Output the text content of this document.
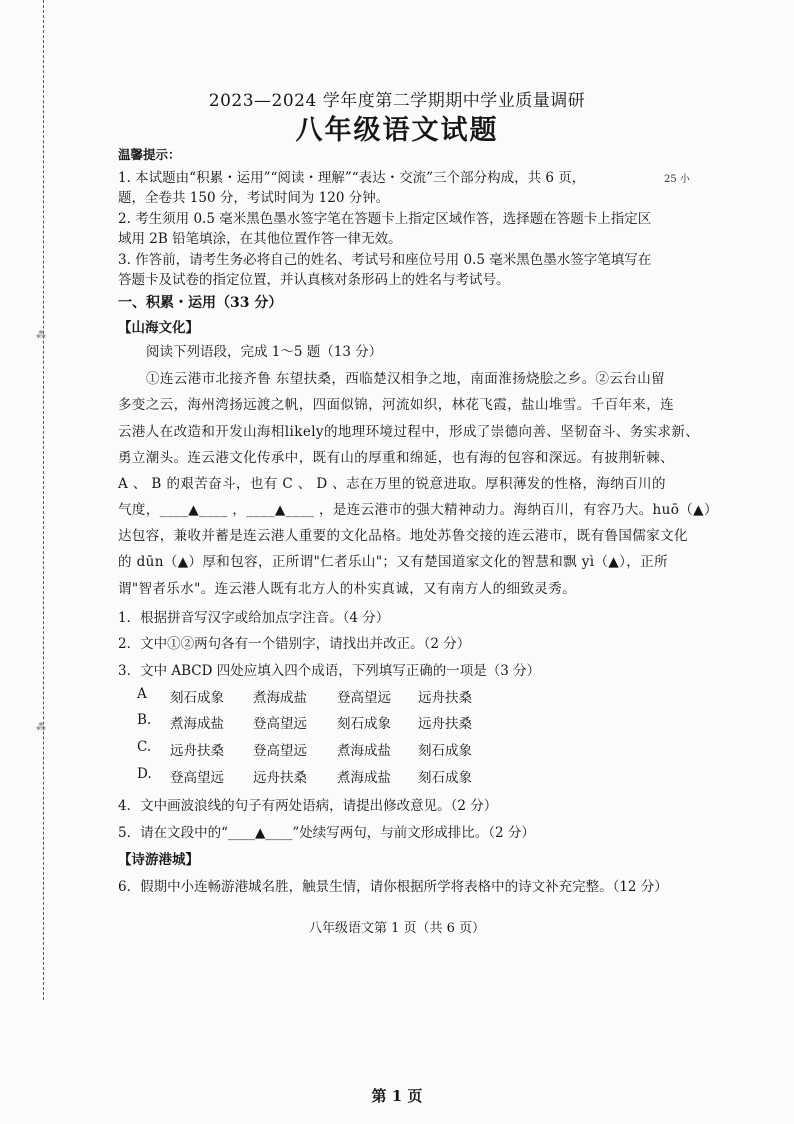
⁂
⁂
2023—2024 学年度第二学期期中学业质量调研
八年级语文试题
温馨提示：
1. 本试题由“积累・运用”“阅读・理解”“表达・交流”三个部分构成，共 6 页，	25 小
题，全卷共 150 分，考试时间为 120 分钟。
2. 考生须用 0.5 毫米黑色墨水签字笔在答题卡上指定区域作答，选择题在答题卡上指定区
域用 2B 铅笔填涂，在其他位置作答一律无效。
3. 作答前，请考生务必将自己的姓名、考试号和座位号用 0.5 毫米黑色墨水签字笔填写在
答题卡及试卷的指定位置，并认真核对条形码上的姓名与考试号。
一、积累・运用（33 分）
【山海文化】
阅读下列语段，完成 1～5 题（13 分）
①连云港市北接齐鲁 东望扶桑，西临楚汉相争之地，南面淮扬烧脍之乡。②云台山留
多变之云，海州湾扬远渡之帆，四面似锦，河流如织，林花飞霞，盐山堆雪。千百年来，连
云港人在改造和开发山海相likely的地理环境过程中，形成了崇德向善、坚韧奋斗、务实求新、
勇立潮头。连云港文化传承中，既有山的厚重和绵延，也有海的包容和深远。有披荆斩棘、
A 、 B 的艰苦奋斗，也有 C 、 D 、志在万里的锐意进取。厚积薄发的性格，海纳百川的
气度，____▲____ ，____▲____ ，是连云港市的强大精神动力。海纳百川，有容乃大。huō（▲）
达包容，兼收并蓄是连云港人重要的文化品格。地处苏鲁交接的连云港市，既有鲁国儒家文化
的 dūn（▲）厚和包容，正所谓"仁者乐山"；又有楚国道家文化的智慧和飘 yì（▲），正所
谓"智者乐水"。连云港人既有北方人的朴实真诚，又有南方人的细致灵秀。
1．根据拼音写汉字或给加点字注音。（4 分）
2．文中①②两句各有一个错别字，请找出并改正。（2 分）
3．文中 ABCD 四处应填入四个成语，下列填写正确的一项是（3 分）
A 刻石成象 煮海成盐 登高望远 远舟扶桑
B. 煮海成盐 登高望远 刻石成象 远舟扶桑
C. 远舟扶桑 登高望远 煮海成盐 刻石成象
D. 登高望远 远舟扶桑 煮海成盐 刻石成象
4．文中画波浪线的句子有两处语病，请提出修改意见。（2 分）
5．请在文段中的“____▲____”处续写两句，与前文形成排比。（2 分）
【诗游港城】
6．假期中小连畅游港城名胜，触景生情，请你根据所学将表格中的诗文补充完整。（12 分）
八年级语文第 1 页（共 6 页）
第 1 页
